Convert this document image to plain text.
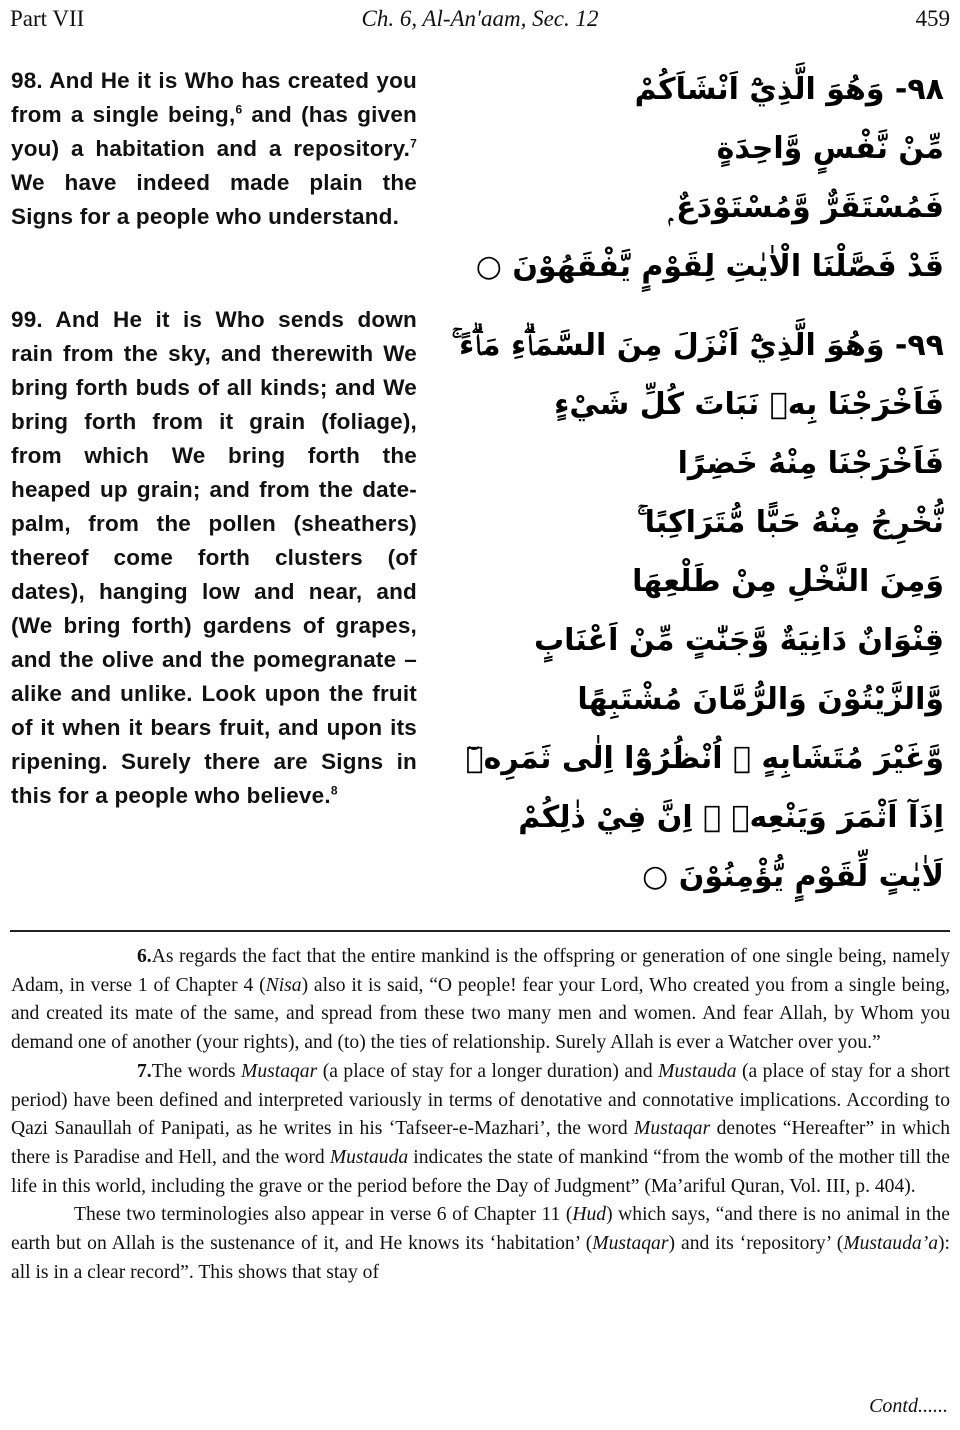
Part VII	Ch. 6, Al-An'aam, Sec. 12	459
98. And He it is Who has created you from a single being,$^6$ and (has given you) a habitation and a repository.$^7$ We have indeed made plain the Signs for a people who understand.
99. And He it is Who sends down rain from the sky, and therewith We bring forth buds of all kinds; and We bring forth from it grain (foliage), from which We bring forth the heaped up grain; and from the date-palm, from the pollen (sheathers) thereof come forth clusters (of dates), hanging low and near, and (We bring forth) gardens of grapes, and the olive and the pomegranate – alike and unlike. Look upon the fruit of it when it bears fruit, and upon its ripening. Surely there are Signs in this for a people who believe.$^8$
٩٨- وَهُوَ الَّذِيْٓ اَنْشَاَكُمْ
مِّنْ نَّفْسٍ وَّاحِدَةٍ
فَمُسْتَقَرٌّ وَّمُسْتَوْدَعٌ ۭ
قَدْ فَصَّلْنَا الْاٰيٰتِ لِقَوْمٍ يَّفْقَهُوْنَ ○
٩٩- وَهُوَ الَّذِيْٓ اَنْزَلَ مِنَ السَّمَاۗءِ مَاۗءً ۚ
فَاَخْرَجْنَا بِهٖ نَبَاتَ كُلِّ شَيْءٍ
فَاَخْرَجْنَا مِنْهُ خَضِرًا
نُّخْرِجُ مِنْهُ حَبًّا مُّتَرَاكِبًا ۚ
وَمِنَ النَّخْلِ مِنْ طَلْعِهَا
قِنْوَانٌ دَانِيَةٌ وَّجَنّٰتٍ مِّنْ اَعْنَابٍ
وَّالزَّيْتُوْنَ وَالرُّمَّانَ مُشْتَبِهًا
وَّغَيْرَ مُتَشَابِهٍ ۭ اُنْظُرُوْٓا اِلٰى ثَمَرِهٖٓ
اِذَآ اَثْمَرَ وَيَنْعِهٖ ۭ اِنَّ فِيْ ذٰلِكُمْ
لَاٰيٰتٍ لِّقَوْمٍ يُّؤْمِنُوْنَ ○

6.As regards the fact that the entire mankind is the offspring or generation of one single being, namely Adam, in verse 1 of Chapter 4 (Nisa) also it is said, “O people! fear your Lord, Who created you from a single being, and created its mate of the same, and spread from these two many men and women. And fear Allah, by Whom you demand one of another (your rights), and (to) the ties of relationship. Surely Allah is ever a Watcher over you.”

7.The words Mustaqar (a place of stay for a longer duration) and Mustauda (a place of stay for a short period) have been defined and interpreted variously in terms of denotative and connotative implications. According to Qazi Sanaullah of Panipati, as he writes in his ‘Tafseer-e-Mazhari’, the word Mustaqar denotes “Hereafter” in which there is Paradise and Hell, and the word Mustauda indicates the state of mankind “from the womb of the mother till the life in this world, including the grave or the period before the Day of Judgment” (Ma’ariful Quran, Vol. III, p. 404).

These two terminologies also appear in verse 6 of Chapter 11 (Hud) which says, “and there is no animal in the earth but on Allah is the sustenance of it, and He knows its ‘habitation’ (Mustaqar) and its ‘repository’ (Mustauda’a): all is in a clear record”. This shows that stay of

Contd......
